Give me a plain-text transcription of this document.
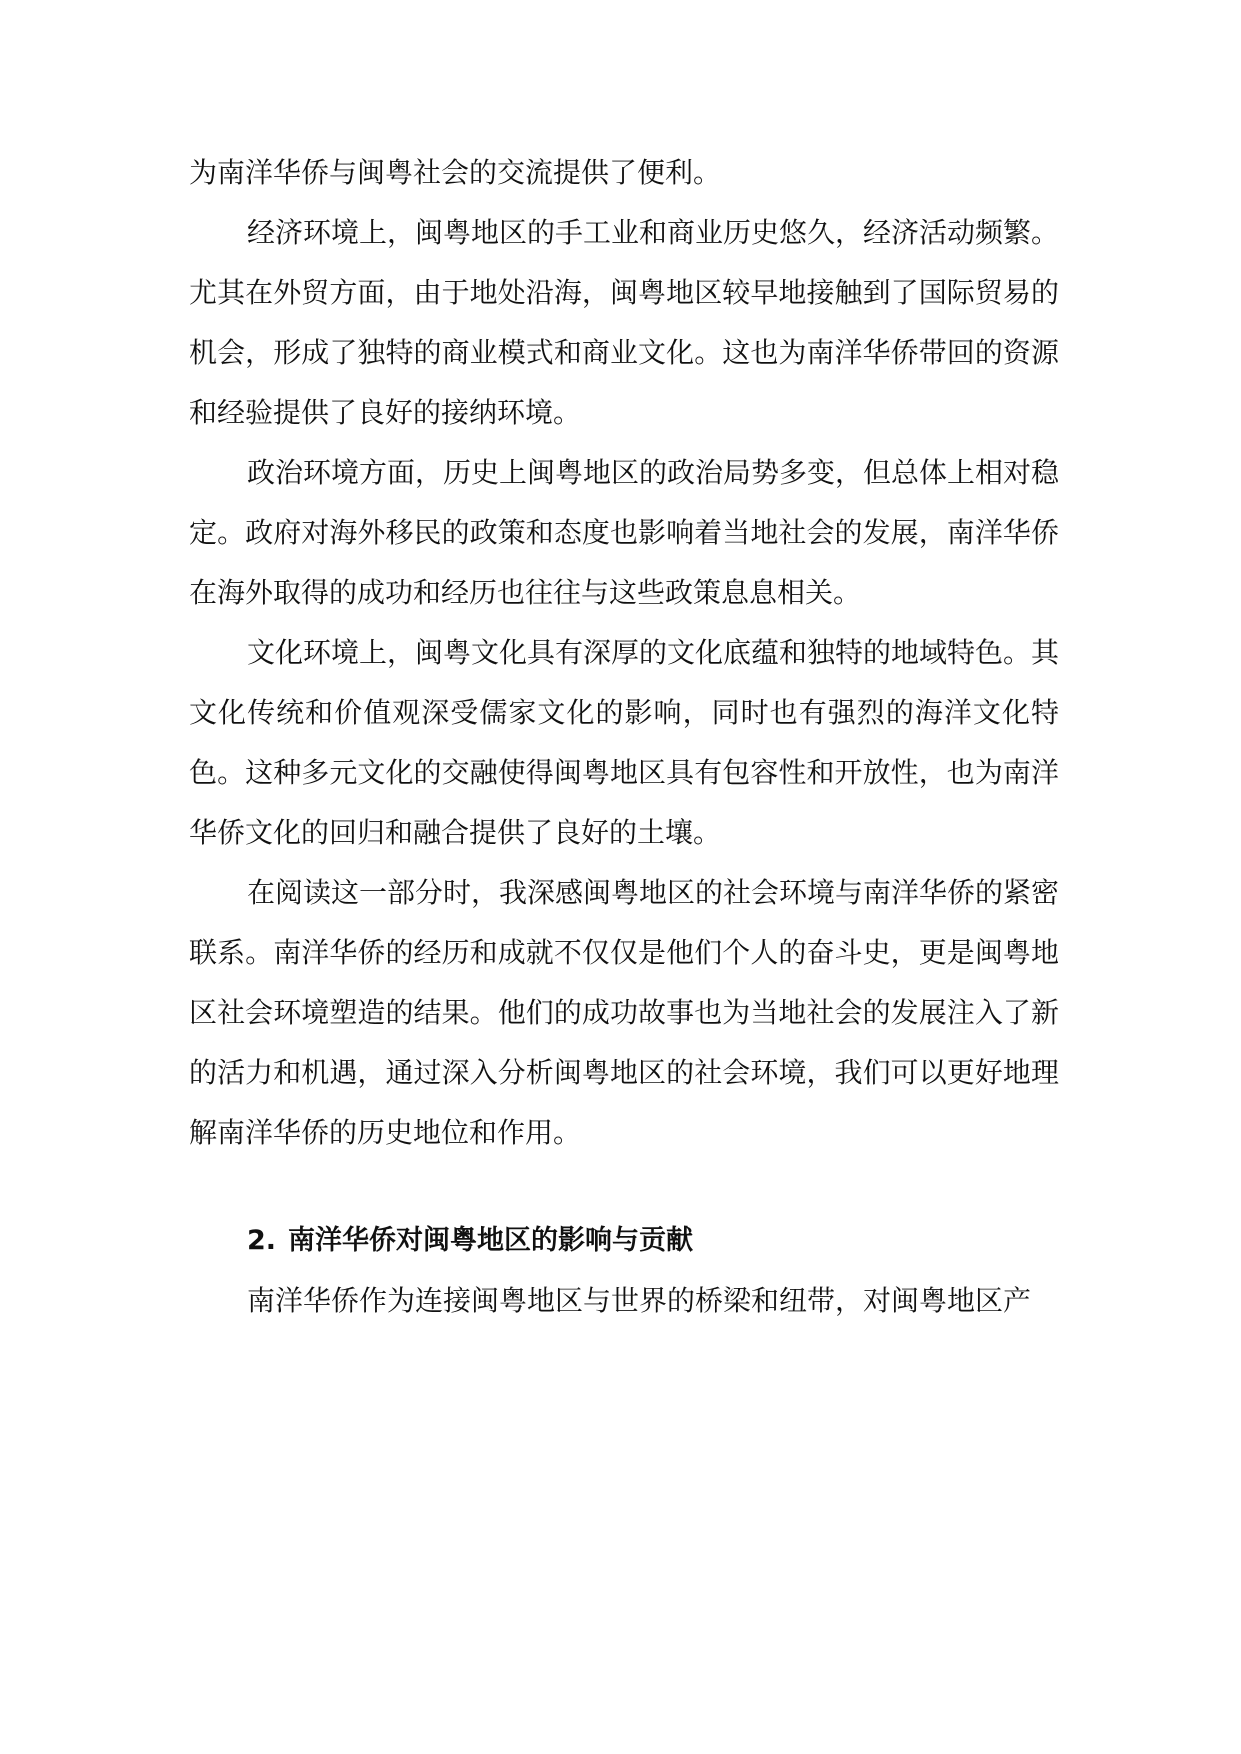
为南洋华侨与闽粤社会的交流提供了便利。

经济环境上，闽粤地区的手工业和商业历史悠久，经济活动频繁。尤其在外贸方面，由于地处沿海，闽粤地区较早地接触到了国际贸易的机会，形成了独特的商业模式和商业文化。这也为南洋华侨带回的资源和经验提供了良好的接纳环境。

政治环境方面，历史上闽粤地区的政治局势多变，但总体上相对稳定。政府对海外移民的政策和态度也影响着当地社会的发展，南洋华侨在海外取得的成功和经历也往往与这些政策息息相关。

文化环境上，闽粤文化具有深厚的文化底蕴和独特的地域特色。其文化传统和价值观深受儒家文化的影响，同时也有强烈的海洋文化特色。这种多元文化的交融使得闽粤地区具有包容性和开放性，也为南洋华侨文化的回归和融合提供了良好的土壤。

在阅读这一部分时，我深感闽粤地区的社会环境与南洋华侨的紧密联系。南洋华侨的经历和成就不仅仅是他们个人的奋斗史，更是闽粤地区社会环境塑造的结果。他们的成功故事也为当地社会的发展注入了新的活力和机遇，通过深入分析闽粤地区的社会环境，我们可以更好地理解南洋华侨的历史地位和作用。

2. 南洋华侨对闽粤地区的影响与贡献

南洋华侨作为连接闽粤地区与世界的桥梁和纽带，对闽粤地区产
